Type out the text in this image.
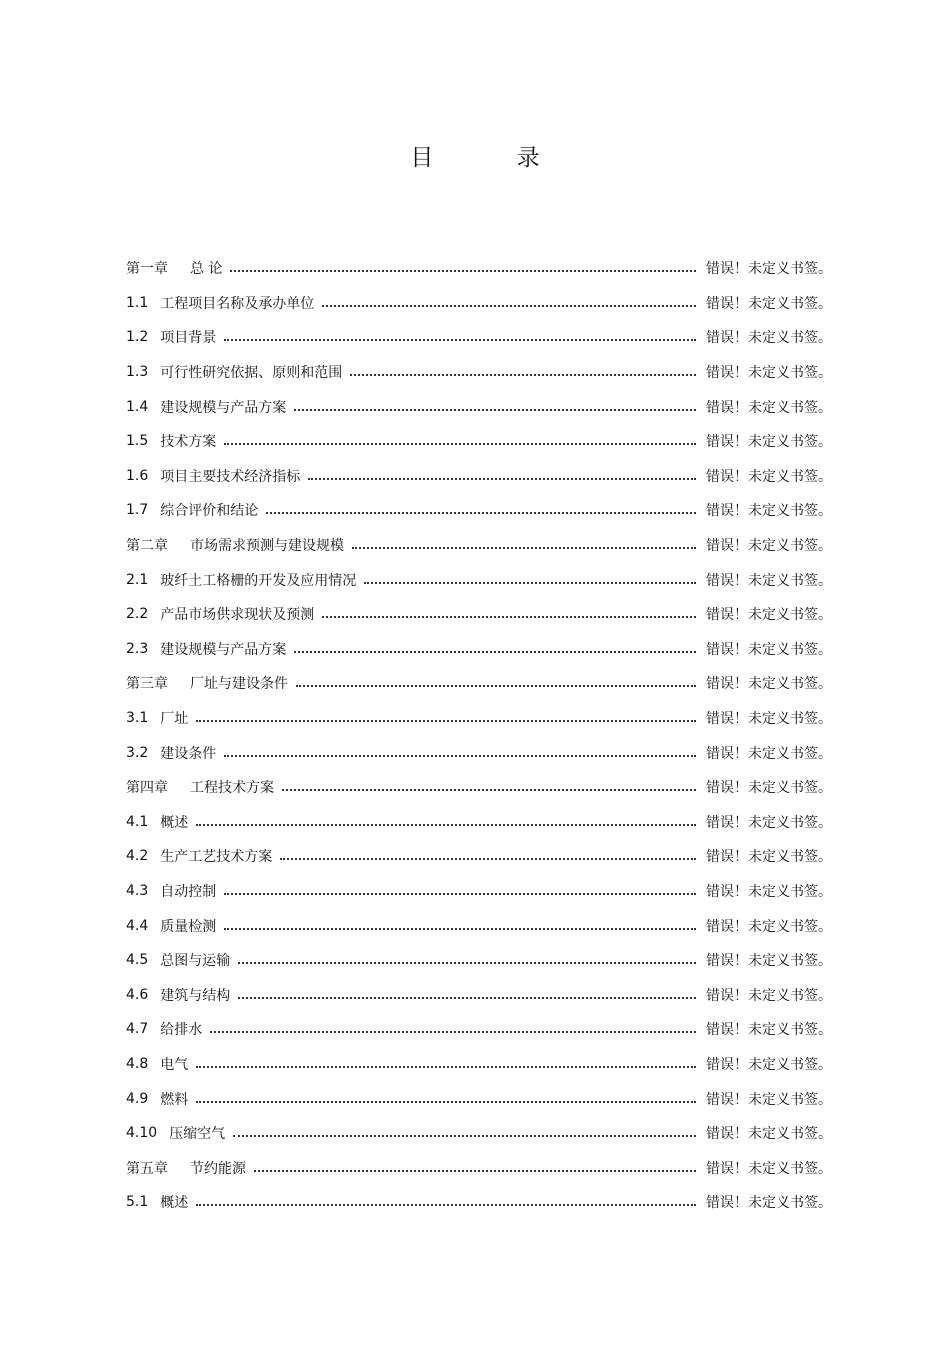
目 录
第一章 总 论	错误！未定义书签。
1.1 工程项目名称及承办单位	错误！未定义书签。
1.2 项目背景	错误！未定义书签。
1.3 可行性研究依据、原则和范围	错误！未定义书签。
1.4 建设规模与产品方案	错误！未定义书签。
1.5 技术方案	错误！未定义书签。
1.6 项目主要技术经济指标	错误！未定义书签。
1.7 综合评价和结论	错误！未定义书签。
第二章 市场需求预测与建设规模	错误！未定义书签。
2.1 玻纤土工格栅的开发及应用情况	错误！未定义书签。
2.2 产品市场供求现状及预测	错误！未定义书签。
2.3 建设规模与产品方案	错误！未定义书签。
第三章 厂址与建设条件	错误！未定义书签。
3.1 厂址	错误！未定义书签。
3.2 建设条件	错误！未定义书签。
第四章 工程技术方案	错误！未定义书签。
4.1 概述	错误！未定义书签。
4.2 生产工艺技术方案	错误！未定义书签。
4.3 自动控制	错误！未定义书签。
4.4 质量检测	错误！未定义书签。
4.5 总图与运输	错误！未定义书签。
4.6 建筑与结构	错误！未定义书签。
4.7 给排水	错误！未定义书签。
4.8 电气	错误！未定义书签。
4.9 燃料	错误！未定义书签。
4.10 压缩空气	错误！未定义书签。
第五章 节约能源	错误！未定义书签。
5.1 概述	错误！未定义书签。
